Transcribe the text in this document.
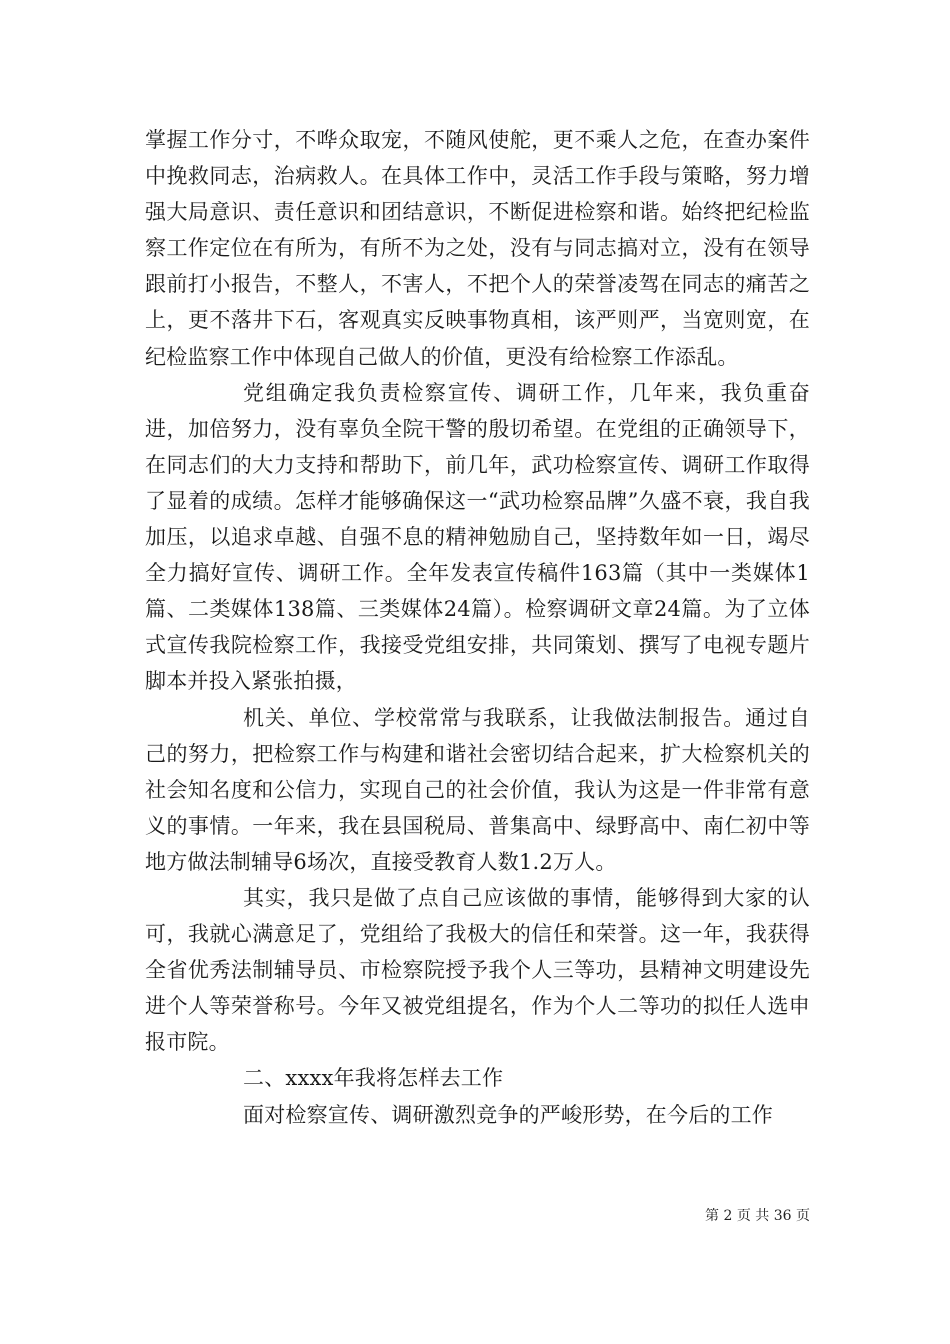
掌握工作分寸，不哗众取宠，不随风使舵，更不乘人之危，在查办案件中挽救同志，治病救人。在具体工作中，灵活工作手段与策略，努力增强大局意识、责任意识和团结意识，不断促进检察和谐。始终把纪检监察工作定位在有所为，有所不为之处，没有与同志搞对立，没有在领导跟前打小报告，不整人，不害人，不把个人的荣誉凌驾在同志的痛苦之上，更不落井下石，客观真实反映事物真相，该严则严，当宽则宽，在纪检监察工作中体现自己做人的价值，更没有给检察工作添乱。

党组确定我负责检察宣传、调研工作，几年来，我负重奋进，加倍努力，没有辜负全院干警的殷切希望。在党组的正确领导下，在同志们的大力支持和帮助下，前几年，武功检察宣传、调研工作取得了显着的成绩。怎样才能够确保这一“武功检察品牌”久盛不衰，我自我加压，以追求卓越、自强不息的精神勉励自己，坚持数年如一日，竭尽全力搞好宣传、调研工作。全年发表宣传稿件163篇（其中一类媒体1篇、二类媒体138篇、三类媒体24篇）。检察调研文章24篇。为了立体式宣传我院检察工作，我接受党组安排，共同策划、撰写了电视专题片脚本并投入紧张拍摄，

机关、单位、学校常常与我联系，让我做法制报告。通过自己的努力，把检察工作与构建和谐社会密切结合起来，扩大检察机关的社会知名度和公信力，实现自己的社会价值，我认为这是一件非常有意义的事情。一年来，我在县国税局、普集高中、绿野高中、南仁初中等地方做法制辅导6场次，直接受教育人数1.2万人。

其实，我只是做了点自己应该做的事情，能够得到大家的认可，我就心满意足了，党组给了我极大的信任和荣誉。这一年，我获得全省优秀法制辅导员、市检察院授予我个人三等功，县精神文明建设先进个人等荣誉称号。今年又被党组提名，作为个人二等功的拟任人选申报市院。

二、xxxx年我将怎样去工作

面对检察宣传、调研激烈竞争的严峻形势，在今后的工作

第 2 页 共 36 页
